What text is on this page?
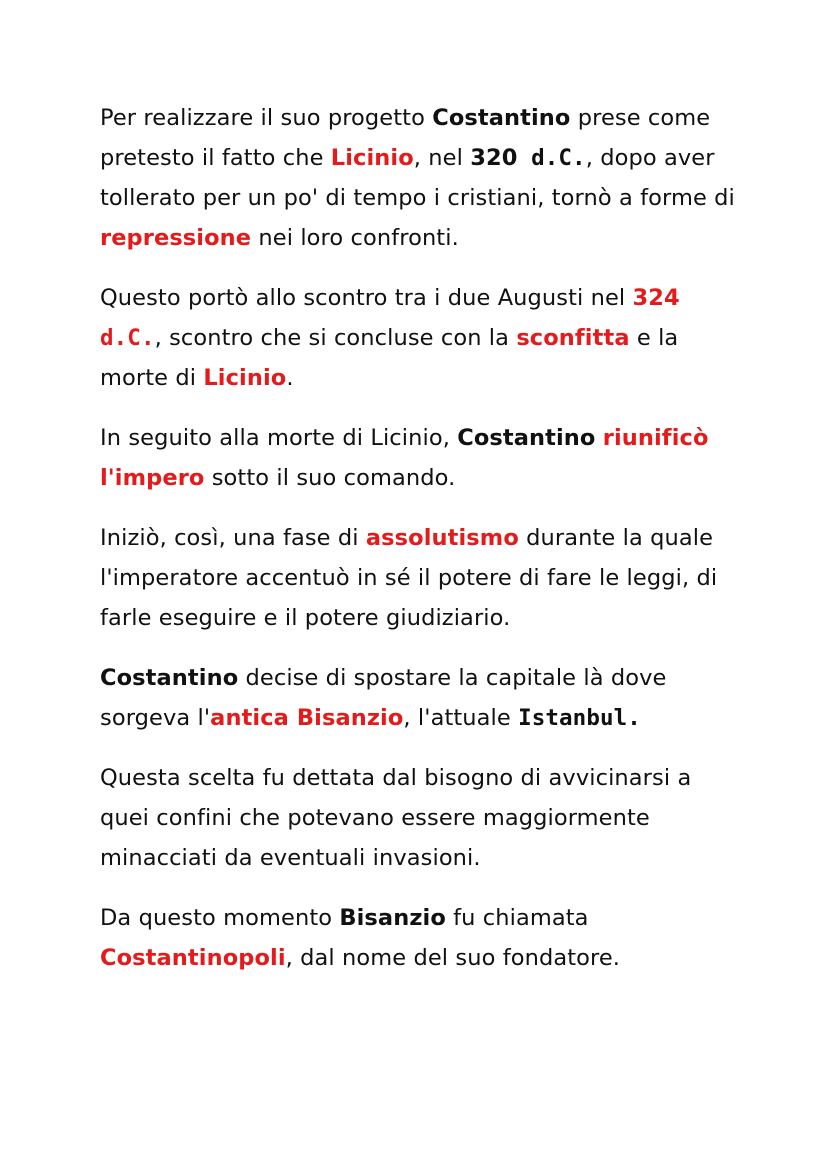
Per realizzare il suo progetto Costantino prese come pretesto il fatto che Licinio, nel 320 d.C., dopo aver tollerato per un po' di tempo i cristiani, tornò a forme di repressione nei loro confronti.

Questo portò allo scontro tra i due Augusti nel 324 d.C., scontro che si concluse con la sconfitta e la morte di Licinio.

In seguito alla morte di Licinio, Costantino riunificò l'impero sotto il suo comando.

Iniziò, così, una fase di assolutismo durante la quale l'imperatore accentuò in sé il potere di fare le leggi, di farle eseguire e il potere giudiziario.

Costantino decise di spostare la capitale là dove sorgeva l'antica Bisanzio, l'attuale Istanbul.

Questa scelta fu dettata dal bisogno di avvicinarsi a quei confini che potevano essere maggiormente minacciati da eventuali invasioni.

Da questo momento Bisanzio fu chiamata Costantinopoli, dal nome del suo fondatore.
